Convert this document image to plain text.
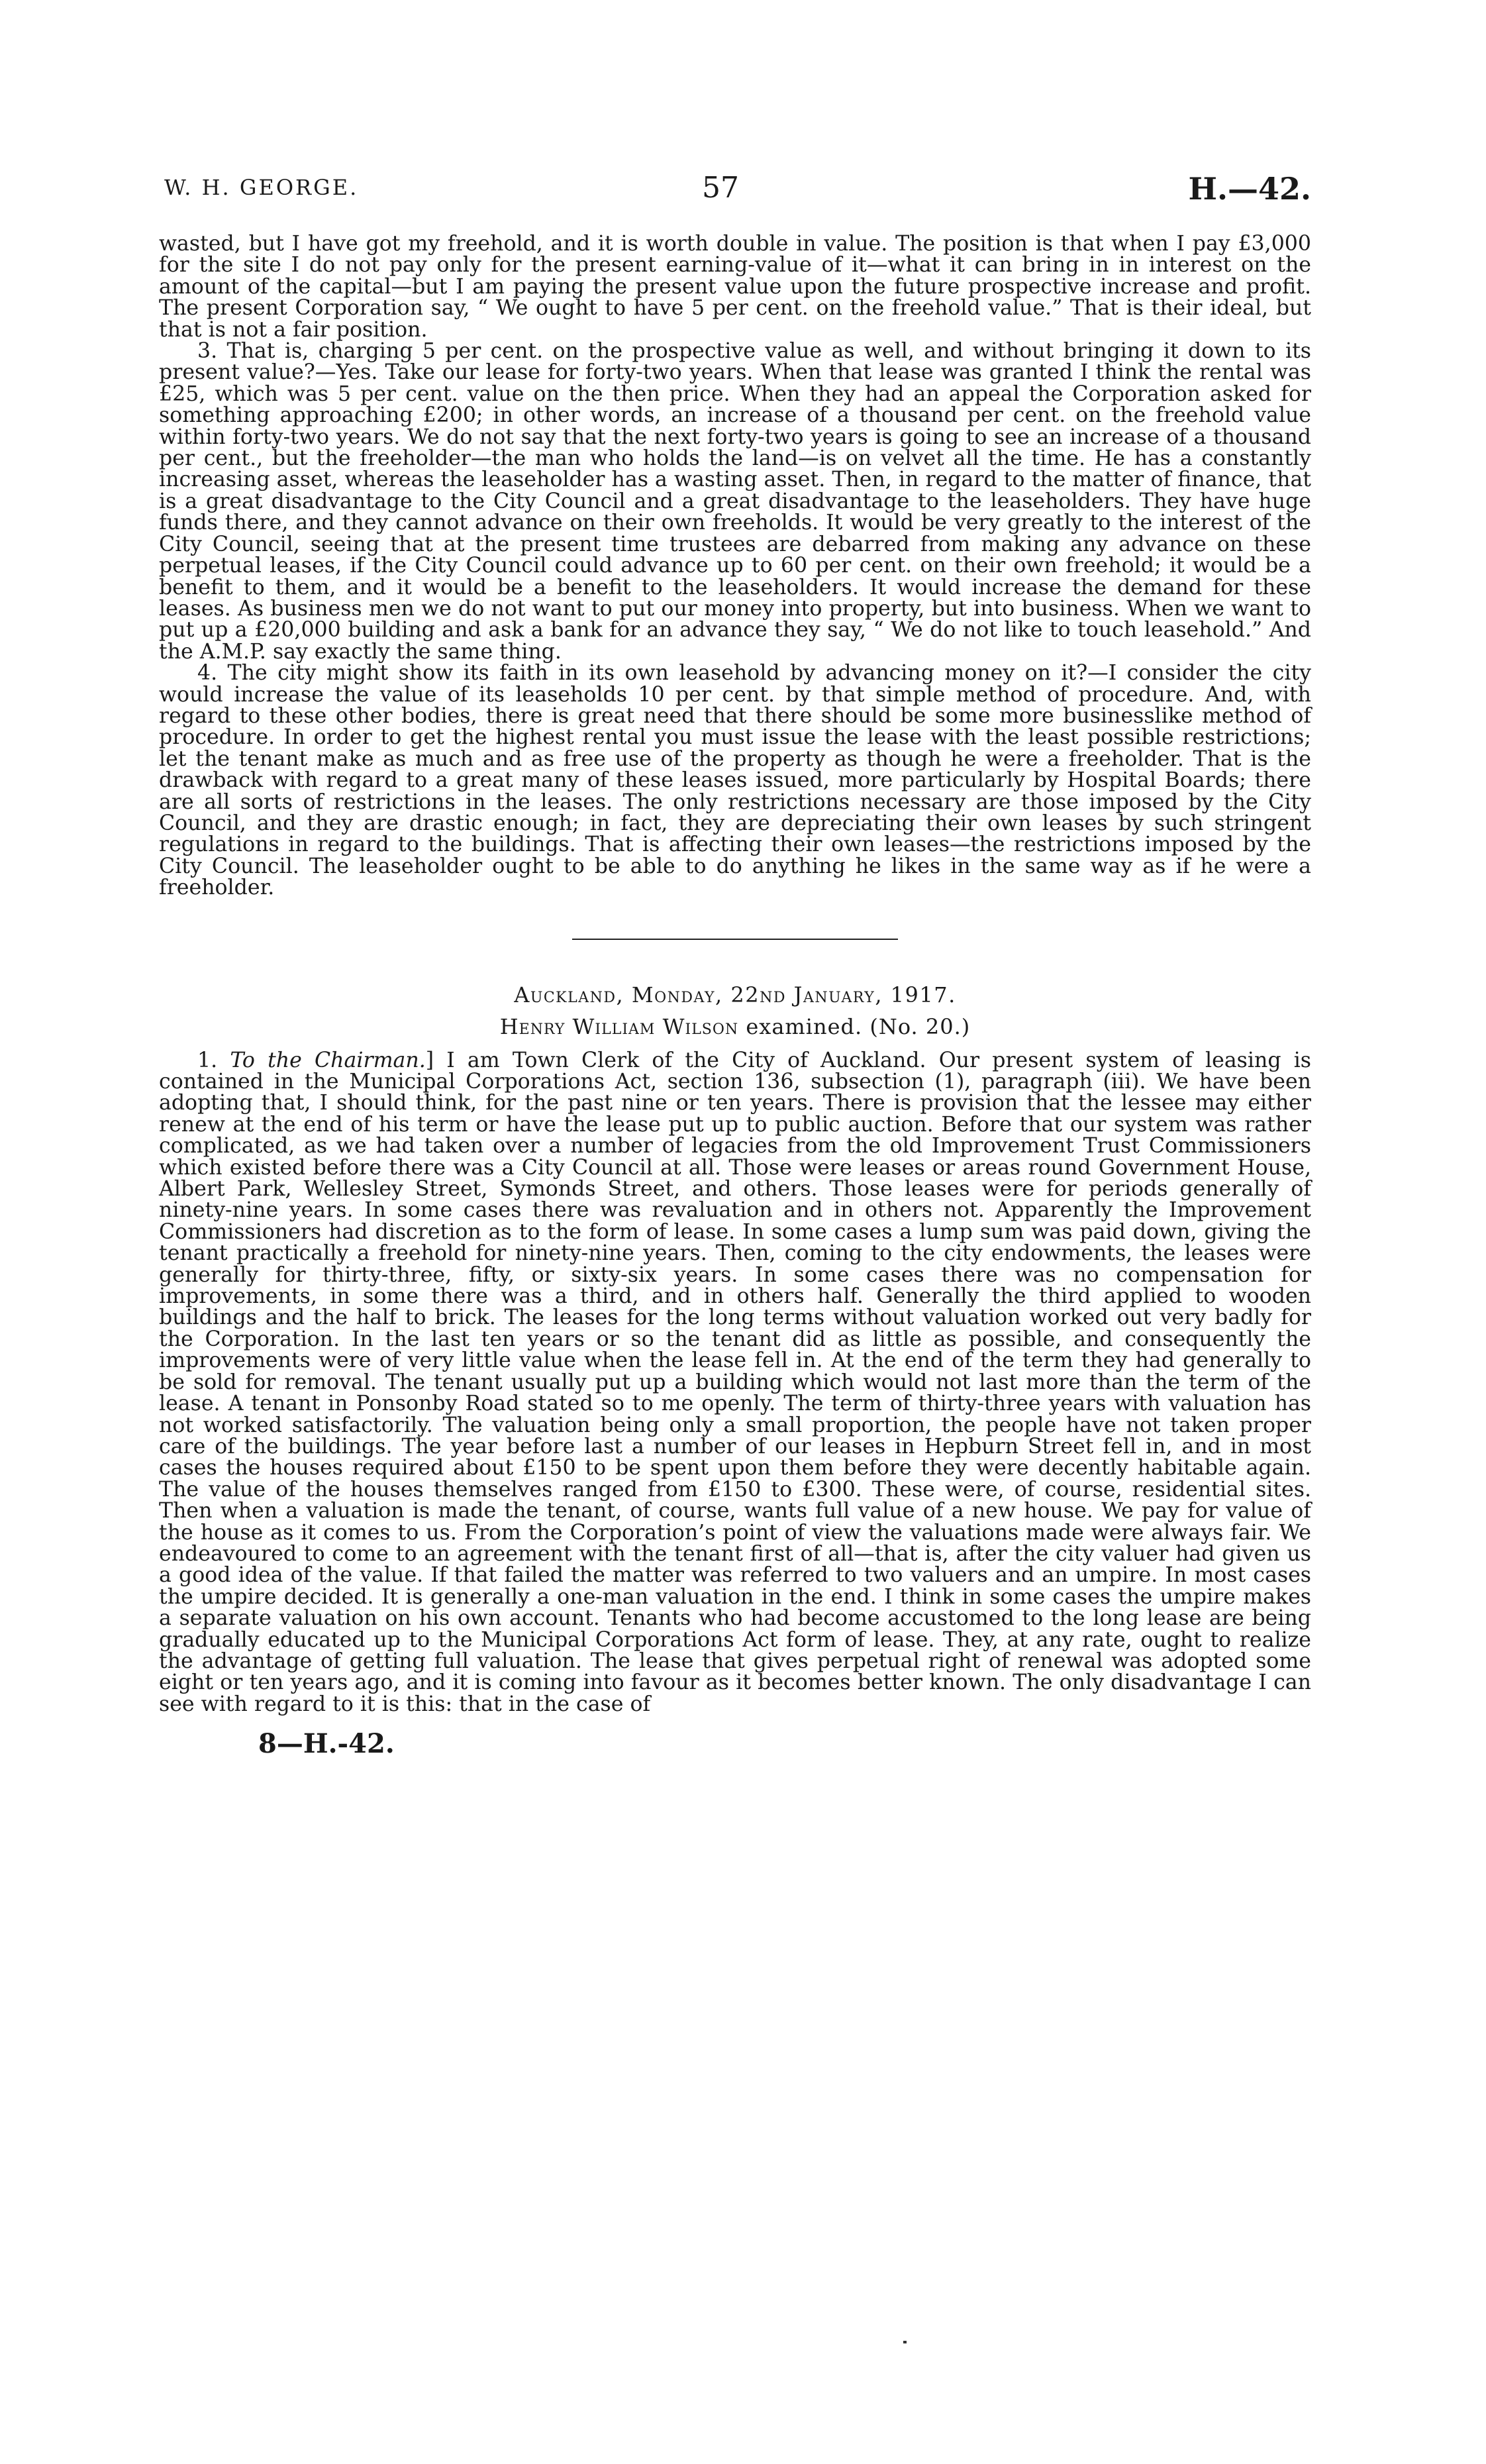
W. H. GEORGE.	57	H.—42.

wasted, but I have got my freehold, and it is worth double in value. The position is that when I pay £3,000 for the site I do not pay only for the present earning-value of it—what it can bring in in interest on the amount of the capital—but I am paying the present value upon the future prospective increase and profit. The present Corporation say, “ We ought to have 5 per cent. on the freehold value.” That is their ideal, but that is not a fair position.

3. That is, charging 5 per cent. on the prospective value as well, and without bringing it down to its present value?—Yes. Take our lease for forty-two years. When that lease was granted I think the rental was £25, which was 5 per cent. value on the then price. When they had an appeal the Corporation asked for something approaching £200; in other words, an increase of a thousand per cent. on the freehold value within forty-two years. We do not say that the next forty-two years is going to see an increase of a thousand per cent., but the freeholder—the man who holds the land—is on velvet all the time. He has a constantly increasing asset, whereas the leaseholder has a wasting asset. Then, in regard to the matter of finance, that is a great disadvantage to the City Council and a great disadvantage to the leaseholders. They have huge funds there, and they cannot advance on their own freeholds. It would be very greatly to the interest of the City Council, seeing that at the present time trustees are debarred from making any advance on these perpetual leases, if the City Council could advance up to 60 per cent. on their own freehold; it would be a benefit to them, and it would be a benefit to the leaseholders. It would increase the demand for these leases. As business men we do not want to put our money into property, but into business. When we want to put up a £20,000 building and ask a bank for an advance they say, “ We do not like to touch leasehold.” And the A.M.P. say exactly the same thing.

4. The city might show its faith in its own leasehold by advancing money on it?—I consider the city would increase the value of its leaseholds 10 per cent. by that simple method of procedure. And, with regard to these other bodies, there is great need that there should be some more businesslike method of procedure. In order to get the highest rental you must issue the lease with the least possible restrictions; let the tenant make as much and as free use of the property as though he were a freeholder. That is the drawback with regard to a great many of these leases issued, more particularly by Hospital Boards; there are all sorts of restrictions in the leases. The only restrictions necessary are those imposed by the City Council, and they are drastic enough; in fact, they are depreciating their own leases by such stringent regulations in regard to the buildings. That is affecting their own leases—the restrictions imposed by the City Council. The leaseholder ought to be able to do anything he likes in the same way as if he were a freeholder.

Auckland, Monday, 22nd January, 1917.
Henry William Wilson examined. (No. 20.)

1. To the Chairman.] I am Town Clerk of the City of Auckland. Our present system of leasing is contained in the Municipal Corporations Act, section 136, subsection (1), paragraph (iii). We have been adopting that, I should think, for the past nine or ten years. There is provision that the lessee may either renew at the end of his term or have the lease put up to public auction. Before that our system was rather complicated, as we had taken over a number of legacies from the old Improvement Trust Commissioners which existed before there was a City Council at all. Those were leases or areas round Government House, Albert Park, Wellesley Street, Symonds Street, and others. Those leases were for periods generally of ninety-nine years. In some cases there was revaluation and in others not. Apparently the Improvement Commissioners had discretion as to the form of lease. In some cases a lump sum was paid down, giving the tenant practically a freehold for ninety-nine years. Then, coming to the city endowments, the leases were generally for thirty-three, fifty, or sixty-six years. In some cases there was no compensation for improvements, in some there was a third, and in others half. Generally the third applied to wooden buildings and the half to brick. The leases for the long terms without valuation worked out very badly for the Corporation. In the last ten years or so the tenant did as little as possible, and consequently the improvements were of very little value when the lease fell in. At the end of the term they had generally to be sold for removal. The tenant usually put up a building which would not last more than the term of the lease. A tenant in Ponsonby Road stated so to me openly. The term of thirty-three years with valuation has not worked satisfactorily. The valuation being only a small proportion, the people have not taken proper care of the buildings. The year before last a number of our leases in Hepburn Street fell in, and in most cases the houses required about £150 to be spent upon them before they were decently habitable again. The value of the houses themselves ranged from £150 to £300. These were, of course, residential sites. Then when a valuation is made the tenant, of course, wants full value of a new house. We pay for value of the house as it comes to us. From the Corporation’s point of view the valuations made were always fair. We endeavoured to come to an agreement with the tenant first of all—that is, after the city valuer had given us a good idea of the value. If that failed the matter was referred to two valuers and an umpire. In most cases the umpire decided. It is generally a one-man valuation in the end. I think in some cases the umpire makes a separate valuation on his own account. Tenants who had become accustomed to the long lease are being gradually educated up to the Municipal Corporations Act form of lease. They, at any rate, ought to realize the advantage of getting full valuation. The lease that gives perpetual right of renewal was adopted some eight or ten years ago, and it is coming into favour as it becomes better known. The only disadvantage I can see with regard to it is this: that in the case of

8—H.-42.
